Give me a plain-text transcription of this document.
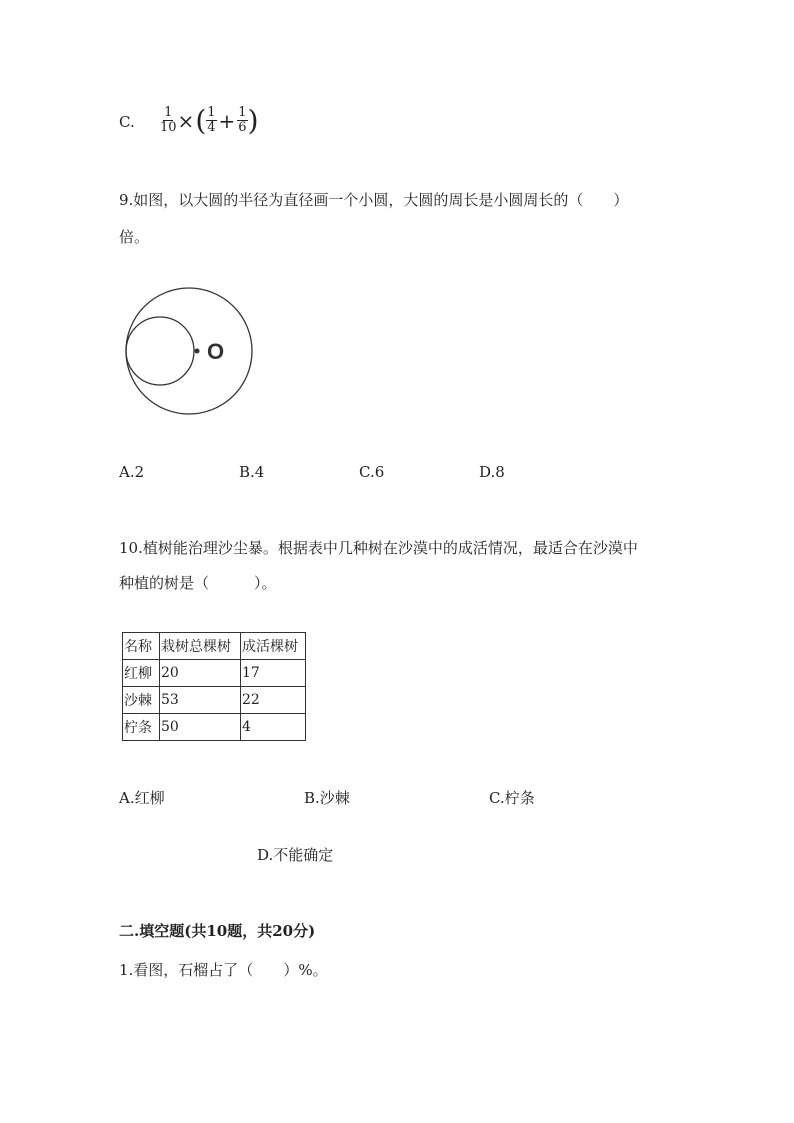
C. $\frac{1}{10}$ × ( $\frac{1}{4} + \frac{1}{6}$ )
9.如图，以大圆的半径为直径画一个小圆，大圆的周长是小圆周长的（　　）
倍。
O
A.2	B.4	C.6	D.8
10.植树能治理沙尘暴。根据表中几种树在沙漠中的成活情况，最适合在沙漠中
种植的树是（　　　）。
名称	栽树总棵树	成活棵树
红柳	20	17
沙棘	53	22
柠条	50	4
A.红柳	B.沙棘	C.柠条
D.不能确定
二.填空题(共10题，共20分)
1.看图，石榴占了（　　）%。
